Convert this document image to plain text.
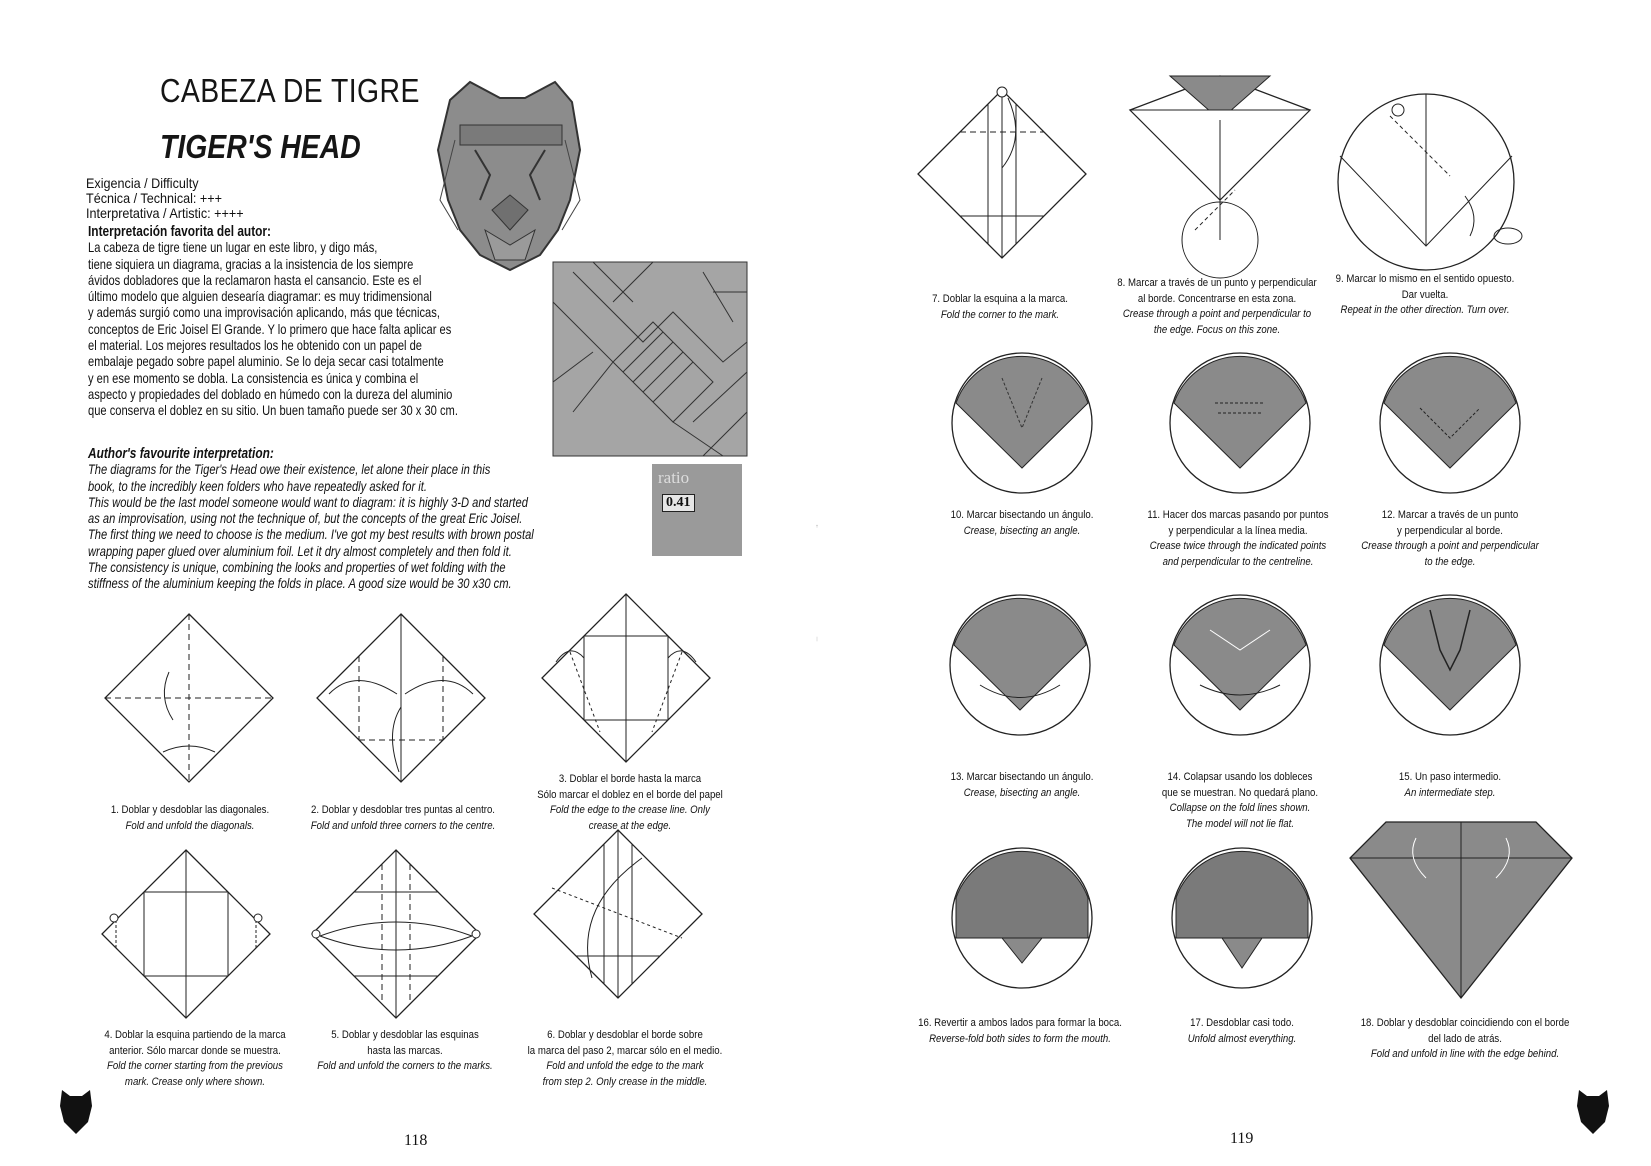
CABEZA DE TIGRE
TIGER'S HEAD
Exigencia / Difficulty
Técnica / Technical: +++
Interpretativa / Artistic: ++++
Interpretación favorita del autor:
La cabeza de tigre tiene un lugar en este libro, y digo más,
tiene siquiera un diagrama, gracias a la insistencia de los siempre
ávidos dobladores que la reclamaron hasta el cansancio. Este es el
último modelo que alguien desearía diagramar: es muy tridimensional
y además surgió como una improvisación aplicando, más que técnicas,
conceptos de Eric Joisel El Grande. Y lo primero que hace falta aplicar es
el material. Los mejores resultados los he obtenido con un papel de
embalaje pegado sobre papel aluminio. Se lo deja secar casi totalmente
y en ese momento se dobla. La consistencia es única y combina el
aspecto y propiedades del doblado en húmedo con la dureza del aluminio
que conserva el doblez en su sitio. Un buen tamaño puede ser 30 x 30 cm.
Author's favourite interpretation:
The diagrams for the Tiger's Head owe their existence, let alone their place in this
book, to the incredibly keen folders who have repeatedly asked for it.
This would be the last model someone would want to diagram: it is highly 3-D and started
as an improvisation, using not the technique of, but the concepts of the great Eric Joisel.
The first thing we need to choose is the medium. I've got my best results with brown postal
wrapping paper glued over aluminium foil. Let it dry almost completely and then fold it.
The consistency is unique, combining the looks and properties of wet folding with the
stiffness of the aluminium keeping the folds in place. A good size would be 30 x30 cm.
ratio
0.41
1. Doblar y desdoblar las diagonales.
Fold and unfold the diagonals.
2. Doblar y desdoblar tres puntas al centro.
Fold and unfold three corners to the centre.
3. Doblar el borde hasta la marca
Sólo marcar el doblez en el borde del papel
Fold the edge to the crease line. Only
crease at the edge.
4. Doblar la esquina partiendo de la marca
anterior. Sólo marcar donde se muestra.
Fold the corner starting from the previous
mark. Crease only where shown.
5. Doblar y desdoblar las esquinas
hasta las marcas.
Fold and unfold the corners to the marks.
6. Doblar y desdoblar el borde sobre
la marca del paso 2, marcar sólo en el medio.
Fold and unfold the edge to the mark
from step 2. Only crease in the middle.
118
7. Doblar la esquina a la marca.
Fold the corner to the mark.
8. Marcar a través de un punto y perpendicular
al borde. Concentrarse en esta zona.
Crease through a point and perpendicular to
the edge. Focus on this zone.
9. Marcar lo mismo en el sentido opuesto.
Dar vuelta.
Repeat in the other direction. Turn over.
10. Marcar bisectando un ángulo.
Crease, bisecting an angle.
11. Hacer dos marcas pasando por puntos
y perpendicular a la línea media.
Crease twice through the indicated points
and perpendicular to the centreline.
12. Marcar a través de un punto
y perpendicular al borde.
Crease through a point and perpendicular
to the edge.
13. Marcar bisectando un ángulo.
Crease, bisecting an angle.
14. Colapsar usando los dobleces
que se muestran. No quedará plano.
Collapse on the fold lines shown.
The model will not lie flat.
15. Un paso intermedio.
An intermediate step.
16. Revertir a ambos lados para formar la boca.
Reverse-fold both sides to form the mouth.
17. Desdoblar casi todo.
Unfold almost everything.
18. Doblar y desdoblar coincidiendo con el borde
del lado de atrás.
Fold and unfold in line with the edge behind.
119
